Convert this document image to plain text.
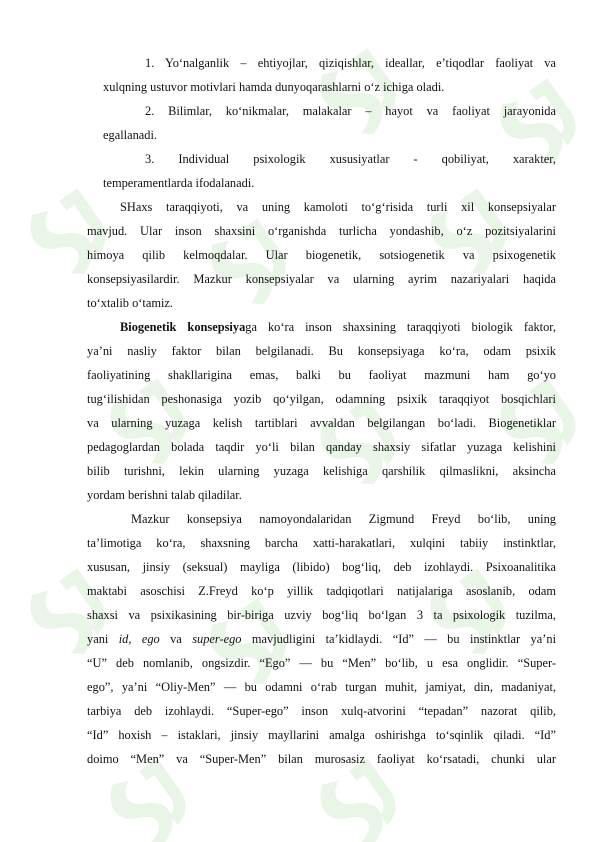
1. Yo‘nalganlik – ehtiyojlar, qiziqishlar, ideallar, e’tiqodlar faoliyat va
xulqning ustuvor motivlari hamda dunyoqarashlarni o‘z ichiga oladi.
2. Bilimlar, ko‘nikmalar, malakalar – hayot va faoliyat jarayonida
egallanadi.
3. Individual psixologik xususiyatlar - qobiliyat, xarakter,
temperamentlarda ifodalanadi.
SHaxs taraqqiyoti, va uning kamoloti to‘g‘risida turli xil konsepsiyalar
mavjud. Ular inson shaxsini o‘rganishda turlicha yondashib, o‘z pozitsiyalarini
himoya qilib kelmoqdalar. Ular biogenetik, sotsiogenetik va psixogenetik
konsepsiyasilardir. Mazkur konsepsiyalar va ularning ayrim nazariyalari haqida
to‘xtalib o‘tamiz.
Biogenetik konsepsiyaga ko‘ra inson shaxsining taraqqiyoti biologik faktor,
ya’ni nasliy faktor bilan belgilanadi. Bu konsepsiyaga ko‘ra, odam psixik
faoliyatining shakllarigina emas, balki bu faoliyat mazmuni ham go‘yo
tug‘ilishidan peshonasiga yozib qo‘yilgan, odamning psixik taraqqiyot bosqichlari
va ularning yuzaga kelish tartiblari avvaldan belgilangan bo‘ladi. Biogenetiklar
pedagoglardan bolada taqdir yo‘li bilan qanday shaxsiy sifatlar yuzaga kelishini
bilib turishni, lekin ularning yuzaga kelishiga qarshilik qilmaslikni, aksincha
yordam berishni talab qiladilar.
Mazkur konsepsiya namoyondalaridan Zigmund Freyd bo‘lib, uning
ta’limotiga ko‘ra, shaxsning barcha xatti-harakatlari, xulqini tabiiy instinktlar,
xususan, jinsiy (seksual) mayliga (libido) bog‘liq, deb izohlaydi. Psixoanalitika
maktabi asoschisi Z.Freyd ko‘p yillik tadqiqotlari natijalariga asoslanib, odam
shaxsi va psixikasining bir-biriga uzviy bog‘liq bo‘lgan 3 ta psixologik tuzilma,
yani id, ego va super-ego mavjudligini ta’kidlaydi. “Id” — bu instinktlar ya’ni
“U” deb nomlanib, ongsizdir. “Ego” — bu “Men” bo‘lib, u esa onglidir. “Super-
ego”, ya’ni “Oliy-Men” — bu odamni o‘rab turgan muhit, jamiyat, din, madaniyat,
tarbiya deb izohlaydi. “Super-ego” inson xulq-atvorini “tepadan” nazorat qilib,
“Id” hoxish – istaklari, jinsiy mayllarini amalga oshirishga to‘sqinlik qiladi. “Id”
doimo “Men” va “Super-Men” bilan murosasiz faoliyat ko‘rsatadi, chunki ular
